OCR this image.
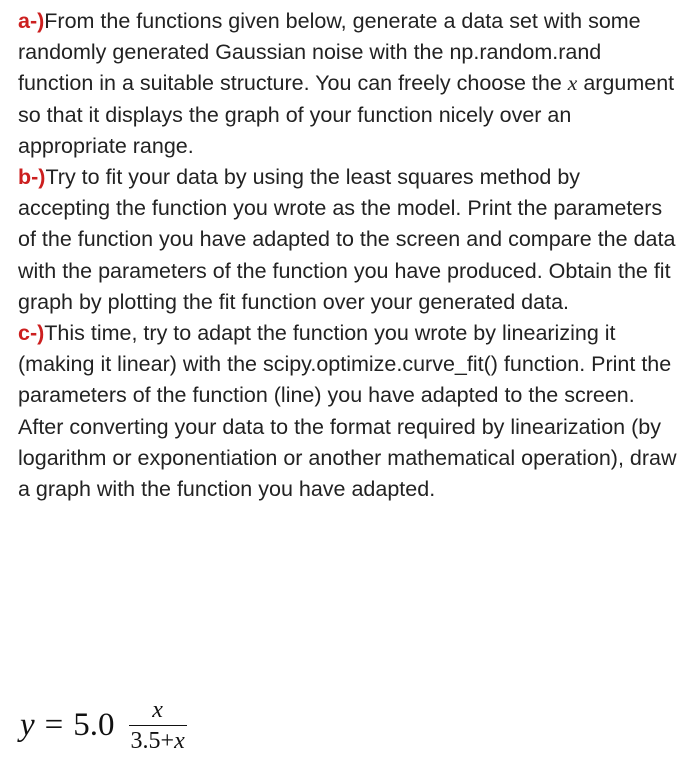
a-)From the functions given below, generate a data set with some randomly generated Gaussian noise with the np.random.rand function in a suitable structure. You can freely choose the x argument so that it displays the graph of your function nicely over an appropriate range.

b-)Try to fit your data by using the least squares method by accepting the function you wrote as the model. Print the parameters of the function you have adapted to the screen and compare the data with the parameters of the function you have produced. Obtain the fit graph by plotting the fit function over your generated data.

c-)This time, try to adapt the function you wrote by linearizing it (making it linear) with the scipy.optimize.curve_fit() function. Print the parameters of the function (line) you have adapted to the screen. After converting your data to the format required by linearization (by logarithm or exponentiation or another mathematical operation), draw a graph with the function you have adapted.

$y = 5.0 \frac{x}{3.5+x}$
